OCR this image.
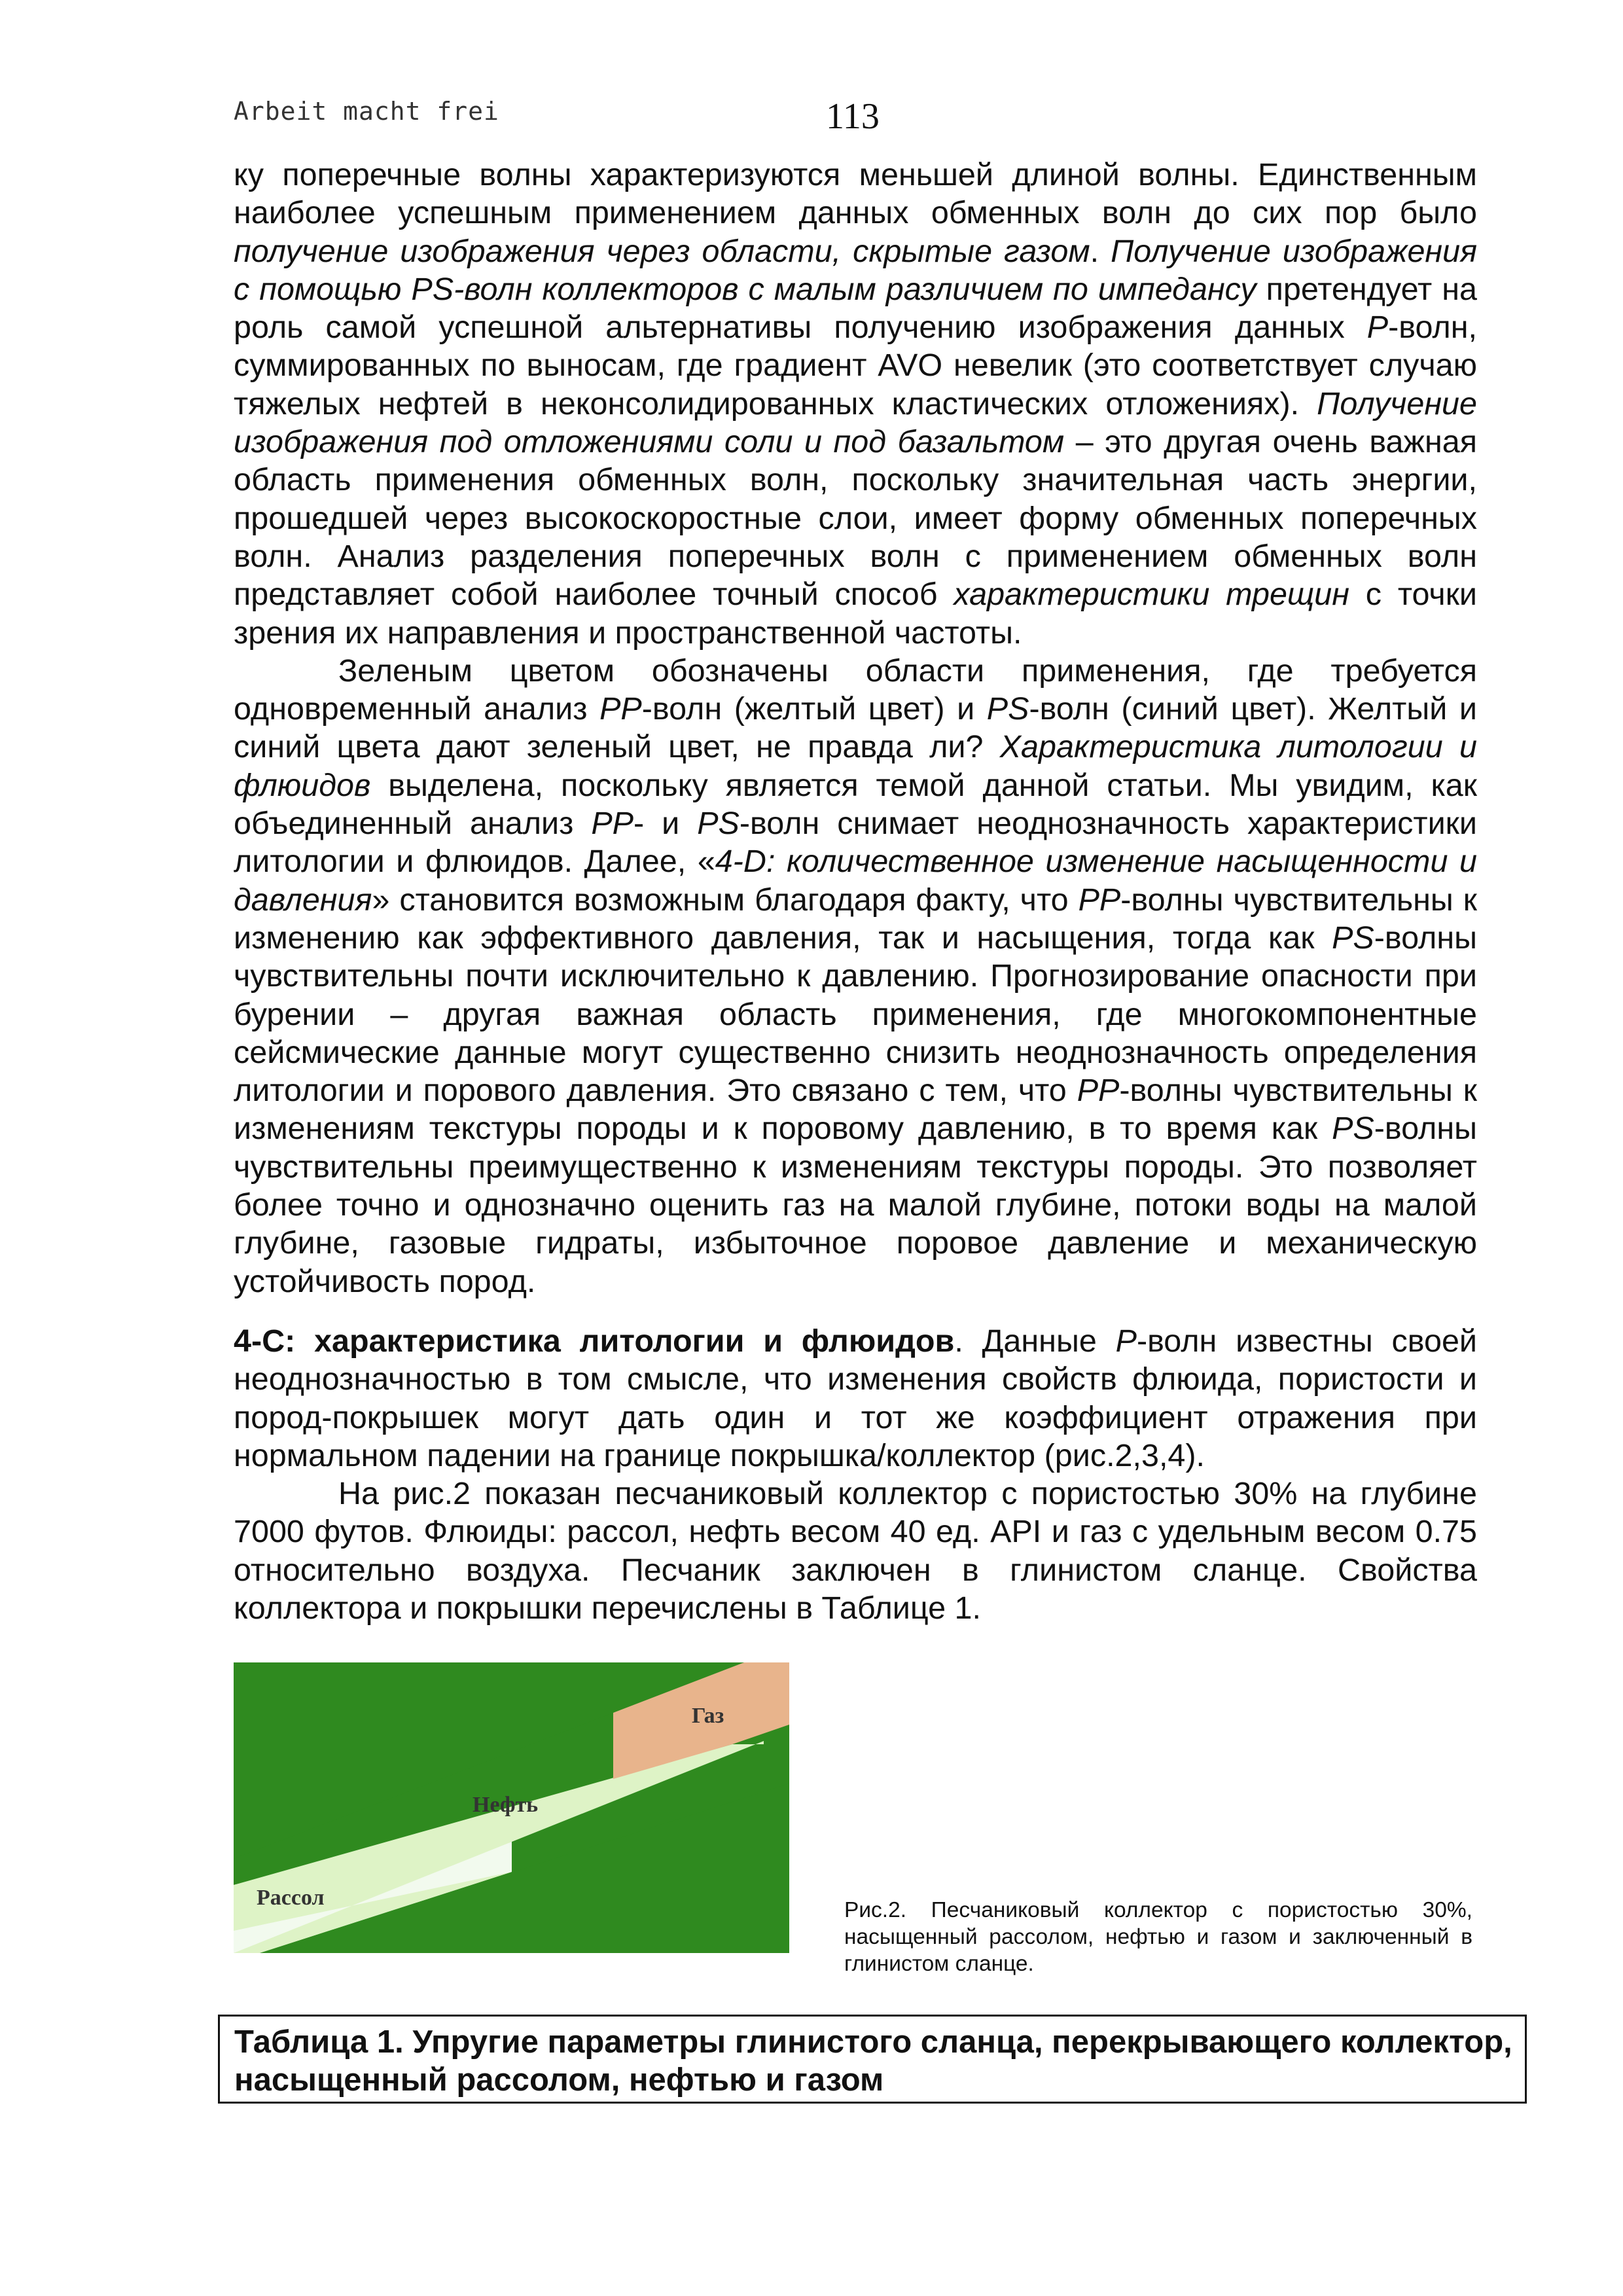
Arbeit macht frei	113

ку поперечные волны характеризуются меньшей длиной волны. Единственным наиболее успешным применением данных обменных волн до сих пор было получение изображения через области, скрытые газом. Получение изображения с помощью PS-волн коллекторов с малым различием по импедансу претендует на роль самой успешной альтернативы получению изображения данных P-волн, суммированных по выносам, где градиент AVO невелик (это соответствует случаю тяжелых нефтей в неконсолидированных кластических отложениях). Получение изображения под отложениями соли и под базальтом – это другая очень важная область применения обменных волн, поскольку значительная часть энергии, прошедшей через высокоскоростные слои, имеет форму обменных поперечных волн. Анализ разделения поперечных волн с применением обменных волн представляет собой наиболее точный способ характеристики трещин с точки зрения их направления и пространственной частоты.

Зеленым цветом обозначены области применения, где требуется одновременный анализ PP-волн (желтый цвет) и PS-волн (синий цвет). Желтый и синий цвета дают зеленый цвет, не правда ли? Характеристика литологии и флюидов выделена, поскольку является темой данной статьи. Мы увидим, как объединенный анализ PP- и PS-волн снимает неоднозначность характеристики литологии и флюидов. Далее, «4-D: количественное изменение насыщенности и давления» становится возможным благодаря факту, что PP-волны чувствительны к изменению как эффективного давления, так и насыщения, тогда как PS-волны чувствительны почти исключительно к давлению. Прогнозирование опасности при бурении – другая важная область применения, где многокомпонентные сейсмические данные могут существенно снизить неоднозначность определения литологии и порового давления. Это связано с тем, что PP-волны чувствительны к изменениям текстуры породы и к поровому давлению, в то время как PS-волны чувствительны преимущественно к изменениям текстуры породы. Это позволяет более точно и однозначно оценить газ на малой глубине, потоки воды на малой глубине, газовые гидраты, избыточное поровое давление и механическую устойчивость пород.

4-С: характеристика литологии и флюидов. Данные P-волн известны своей неоднозначностью в том смысле, что изменения свойств флюида, пористости и пород-покрышек могут дать один и тот же коэффициент отражения при нормальном падении на границе покрышка/коллектор (рис.2,3,4).

На рис.2 показан песчаниковый коллектор с пористостью 30% на глубине 7000 футов. Флюиды: рассол, нефть весом 40 ед. API и газ с удельным весом 0.75 относительно воздуха. Песчаник заключен в глинистом сланце. Свойства коллектора и покрышки перечислены в Таблице 1.

Газ
Нефть
Рассол
Рис.2. Песчаниковый коллектор с пористостью 30%, насыщенный рассолом, нефтью и газом и заключенный в глинистом сланце.
Таблица 1. Упругие параметры глинистого сланца, перекрывающего коллектор, насыщенный рассолом, нефтью и газом
